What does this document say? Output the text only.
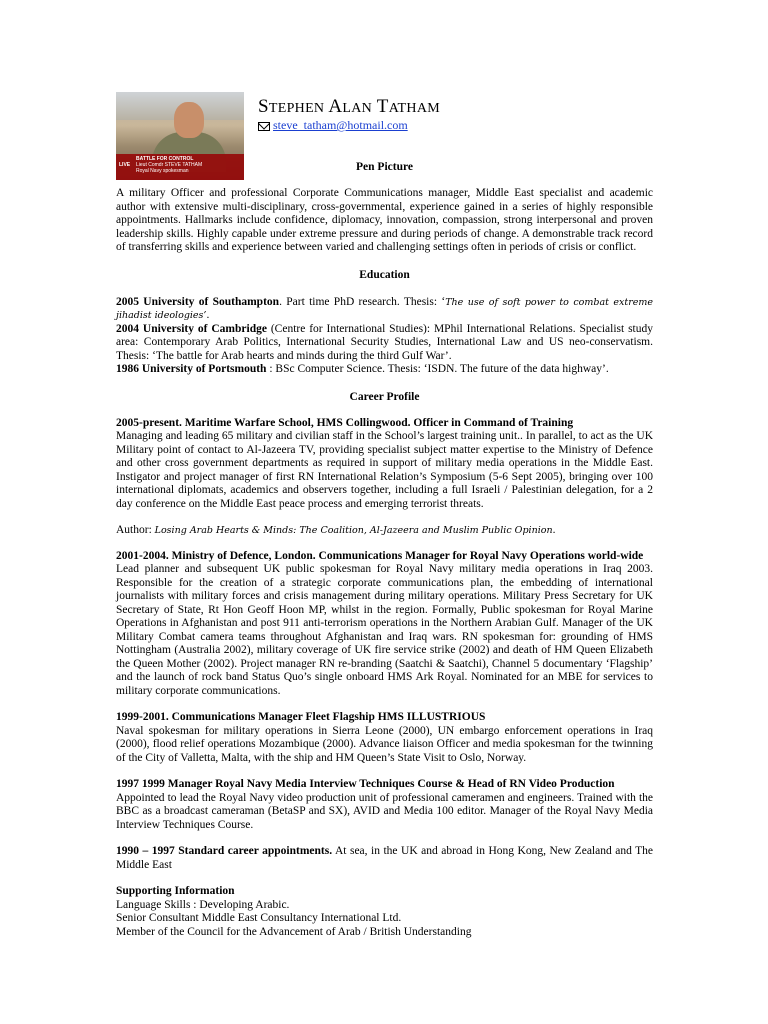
BATTLE FOR CONTROL
LIVE	Lieut Comdr STEVE TATHAM
Royal Navy spokesman
STEPHEN ALAN TATHAM
steve_tatham@hotmail.com
Pen Picture

A military Officer and professional Corporate Communications manager, Middle East specialist and academic author with extensive multi-disciplinary, cross-governmental, experience gained in a series of highly responsible appointments. Hallmarks include confidence, diplomacy, innovation, compassion, strong interpersonal and proven leadership skills. Highly capable under extreme pressure and during periods of change. A demonstrable track record of transferring skills and experience between varied and challenging settings often in periods of crisis or conflict.

Education

2005 University of Southampton. Part time PhD research. Thesis: ‘The use of soft power to combat extreme jihadist ideologies’.

2004 University of Cambridge (Centre for International Studies): MPhil International Relations. Specialist study area: Contemporary Arab Politics, International Security Studies, International Law and US neo-conservatism. Thesis: ‘The battle for Arab hearts and minds during the third Gulf War’.

1986 University of Portsmouth : BSc Computer Science. Thesis: ‘ISDN. The future of the data highway’.

Career Profile

2005-present. Maritime Warfare School, HMS Collingwood. Officer in Command of Training

Managing and leading 65 military and civilian staff in the School’s largest training unit.. In parallel, to act as the UK Military point of contact to Al-Jazeera TV, providing specialist subject matter expertise to the Ministry of Defence and other cross government departments as required in support of military media operations in the Middle East. Instigator and project manager of first RN International Relation’s Symposium (5-6 Sept 2005), bringing over 100 international diplomats, academics and observers together, including a full Israeli / Palestinian delegation, for a 2 day conference on the Middle East peace process and emerging terrorist threats.

Author: Losing Arab Hearts & Minds: The Coalition, Al-Jazeera and Muslim Public Opinion.

2001-2004. Ministry of Defence, London. Communications Manager for Royal Navy Operations world-wide

Lead planner and subsequent UK public spokesman for Royal Navy military media operations in Iraq 2003. Responsible for the creation of a strategic corporate communications plan, the embedding of international journalists with military forces and crisis management during military operations. Military Press Secretary for UK Secretary of State, Rt Hon Geoff Hoon MP, whilst in the region. Formally, Public spokesman for Royal Marine Operations in Afghanistan and post 911 anti-terrorism operations in the Northern Arabian Gulf. Manager of the UK Military Combat camera teams throughout Afghanistan and Iraq wars. RN spokesman for: grounding of HMS Nottingham (Australia 2002), military coverage of UK fire service strike (2002) and death of HM Queen Elizabeth the Queen Mother (2002). Project manager RN re-branding (Saatchi & Saatchi), Channel 5 documentary ‘Flagship’ and the launch of rock band Status Quo’s single onboard HMS Ark Royal. Nominated for an MBE for services to military corporate communications.

1999-2001. Communications Manager Fleet Flagship HMS ILLUSTRIOUS

Naval spokesman for military operations in Sierra Leone (2000), UN embargo enforcement operations in Iraq (2000), flood relief operations Mozambique (2000). Advance liaison Officer and media spokesman for the twinning of the City of Valletta, Malta, with the ship and HM Queen’s State Visit to Oslo, Norway.

1997 1999 Manager Royal Navy Media Interview Techniques Course & Head of RN Video Production

Appointed to lead the Royal Navy video production unit of professional cameramen and engineers. Trained with the BBC as a broadcast cameraman (BetaSP and SX), AVID and Media 100 editor. Manager of the Royal Navy Media Interview Techniques Course.

1990 – 1997 Standard career appointments. At sea, in the UK and abroad in Hong Kong, New Zealand and The Middle East

Supporting Information

Language Skills : Developing Arabic.

Senior Consultant Middle East Consultancy International Ltd.

Member of the Council for the Advancement of Arab / British Understanding
